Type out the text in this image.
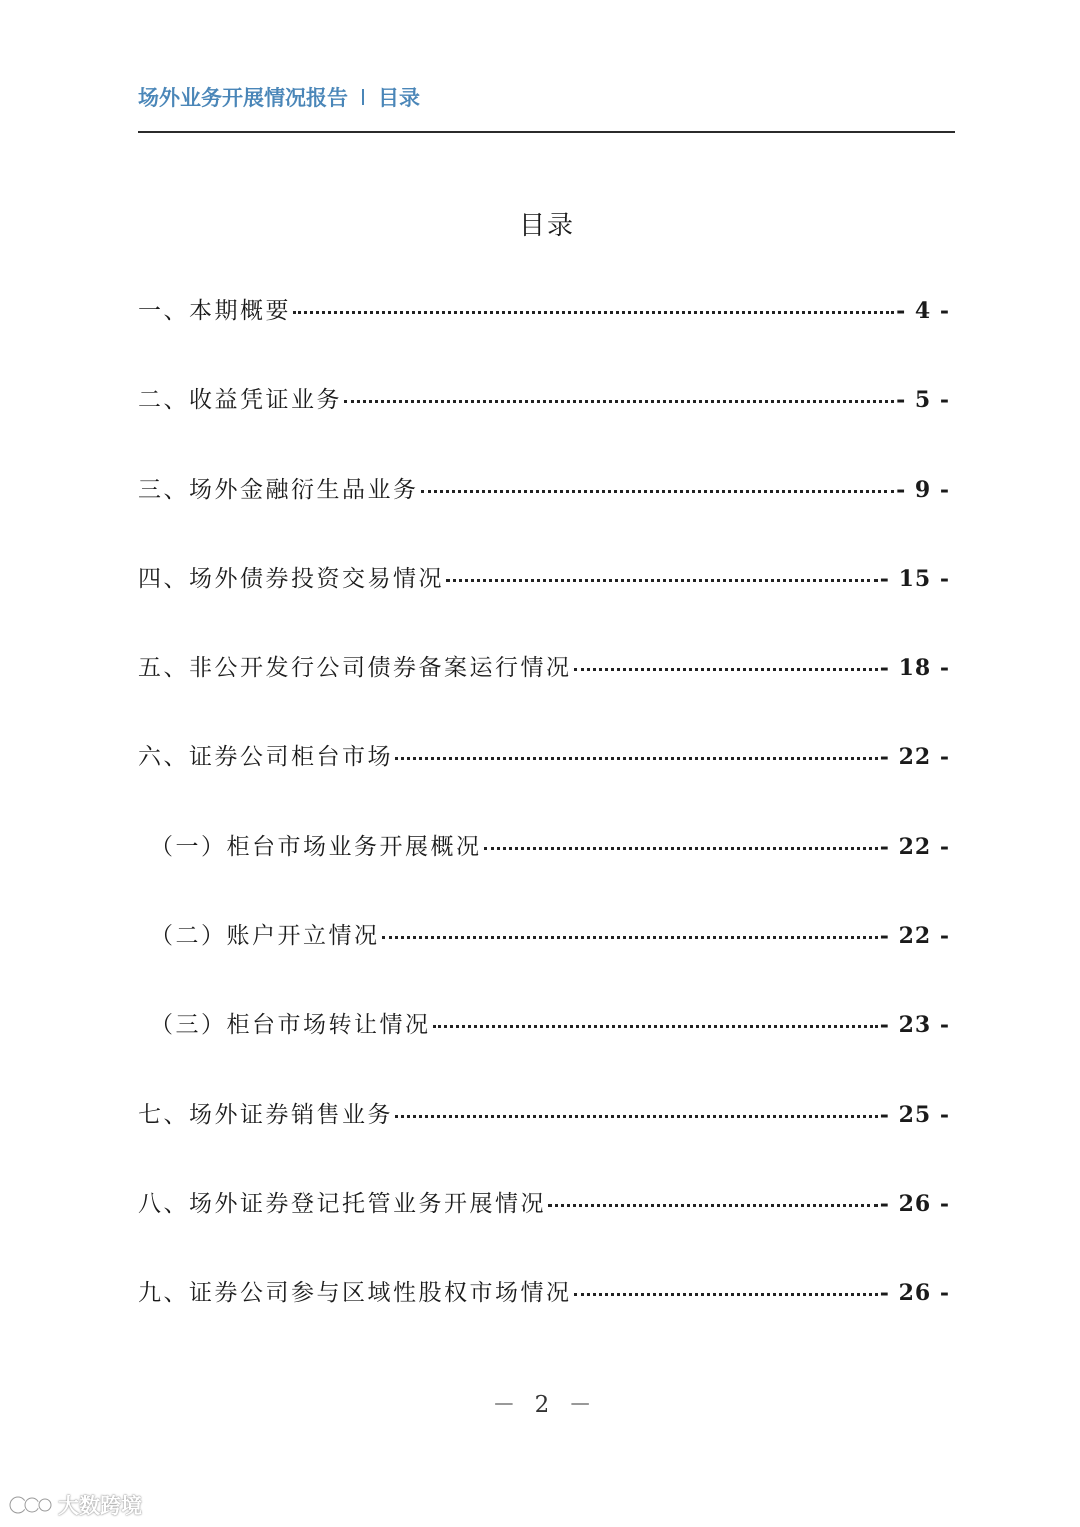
场外业务开展情况报告 目录
目录
一、本期概要	- 4 -
二、收益凭证业务	- 5 -
三、场外金融衍生品业务	- 9 -
四、场外债券投资交易情况	- 15 -
五、非公开发行公司债券备案运行情况	- 18 -
六、证券公司柜台市场	- 22 -
（一）柜台市场业务开展概况	- 22 -
（二）账户开立情况	- 22 -
（三）柜台市场转让情况	- 23 -
七、场外证券销售业务	- 25 -
八、场外证券登记托管业务开展情况	- 26 -
九、证券公司参与区域性股权市场情况	- 26 -
－ 2 －
大数跨境
